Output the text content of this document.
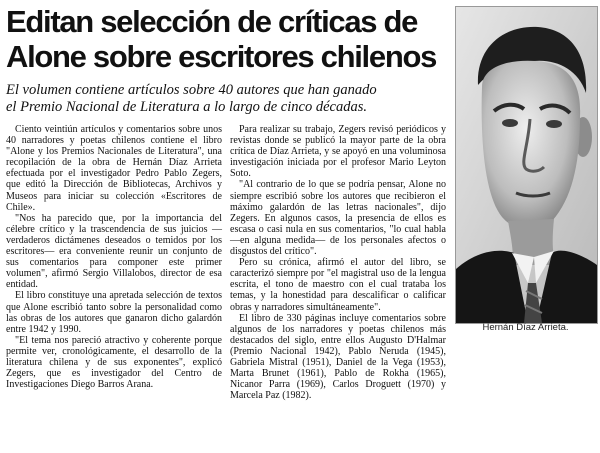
Editan selección de críticas de
Alone sobre escritores chilenos
El volumen contiene artículos sobre 40 autores que han ganado
el Premio Nacional de Literatura a lo largo de cinco décadas.

Ciento veintiún artículos y comentarios sobre unos 40 narradores y poetas chilenos contiene el libro "Alone y los Premios Nacionales de Literatura", una recopilación de la obra de Hernán Díaz Arrieta efectuada por el investigador Pedro Pablo Zegers, que editó la Dirección de Bibliotecas, Archivos y Museos para iniciar su colección «Escritores de Chile».

"Nos ha parecido que, por la importancia del célebre crítico y la trascendencia de sus juicios —verdaderos dictámenes deseados o temidos por los escritores— era conveniente reunir un conjunto de sus comentarios para componer este primer volumen", afirmó Sergio Villalobos, director de esa entidad.

El libro constituye una apretada selección de textos que Alone escribió tanto sobre la personalidad como las obras de los autores que ganaron dicho galardón entre 1942 y 1990.

"El tema nos pareció atractivo y coherente porque permite ver, cronológicamente, el desarrollo de la literatura chilena y de sus exponentes", explicó Zegers, que es investigador del Centro de Investigaciones Diego Barros Arana.

Para realizar su trabajo, Zegers revisó periódicos y revistas donde se publicó la mayor parte de la obra crítica de Díaz Arrieta, y se apoyó en una voluminosa investigación iniciada por el profesor Mario Leyton Soto.

"Al contrario de lo que se podría pensar, Alone no siempre escribió sobre los autores que recibieron el máximo galardón de las letras nacionales", dijo Zegers. En algunos casos, la presencia de ellos es escasa o casi nula en sus comentarios, "lo cual habla —en alguna medida— de los personales afectos o disgustos del crítico".

Pero su crónica, afirmó el autor del libro, se caracterizó siempre por "el magistral uso de la lengua escrita, el tono de maestro con el cual trataba los temas, y la honestidad para descalificar o calificar obras y narradores simultáneamente".

El libro de 330 páginas incluye comentarios sobre algunos de los narradores y poetas chilenos más destacados del siglo, entre ellos Augusto D'Halmar (Premio Nacional 1942), Pablo Neruda (1945), Gabriela Mistral (1951), Daniel de la Vega (1953), Marta Brunet (1961), Pablo de Rokha (1965), Nicanor Parra (1969), Carlos Droguett (1970) y Marcela Paz (1982).

Hernán Díaz Arrieta.
